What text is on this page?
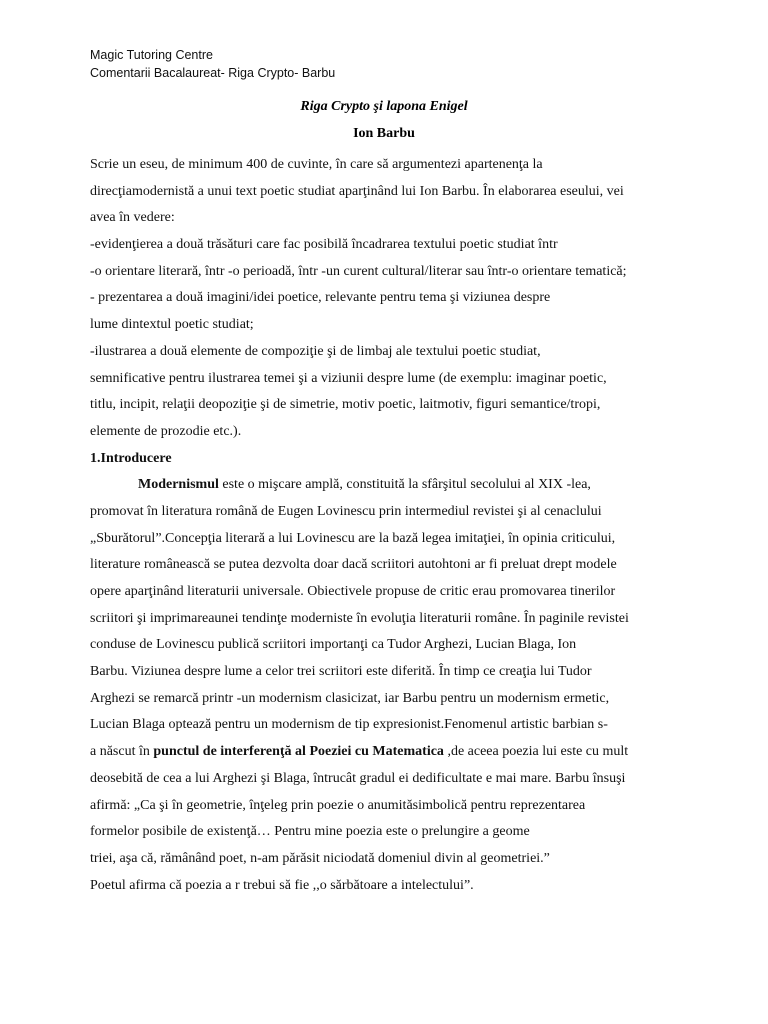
Magic Tutoring Centre
Comentarii Bacalaureat- Riga Crypto- Barbu
Riga Crypto şi lapona Enigel
Ion Barbu
Scrie un eseu, de minimum 400 de cuvinte, în care să argumentezi apartenenţa la
direcţiamodernistă a unui text poetic studiat aparţinând lui Ion Barbu. În elaborarea eseului, vei
avea în vedere:
-evidenţierea a două trăsături care fac posibilă încadrarea textului poetic studiat într
-o orientare literară, într -o perioadă, într -un curent cultural/literar sau într-o orientare tematică;
- prezentarea a două imagini/idei poetice, relevante pentru tema şi viziunea despre
lume dintextul poetic studiat;
-ilustrarea a două elemente de compoziţie şi de limbaj ale textului poetic studiat,
semnificative pentru ilustrarea temei şi a viziunii despre lume (de exemplu: imaginar poetic,
titlu, incipit, relaţii deopoziţie şi de simetrie, motiv poetic, laitmotiv, figuri semantice/tropi,
elemente de prozodie etc.).
1.Introducere
Modernismul este o mişcare amplă, constituită la sfârşitul secolului al XIX -lea,
promovat în literatura română de Eugen Lovinescu prin intermediul revistei şi al cenaclului
„Sburătorul”.Concepţia literară a lui Lovinescu are la bază legea imitaţiei, în opinia criticului,
literature românească se putea dezvolta doar dacă scriitori autohtoni ar fi preluat drept modele
opere aparţinând literaturii universale. Obiectivele propuse de critic erau promovarea tinerilor
scriitori şi imprimareaunei tendinţe moderniste în evoluţia literaturii române. În paginile revistei
conduse de Lovinescu publică scriitori importanţi ca Tudor Arghezi, Lucian Blaga, Ion
Barbu. Viziunea despre lume a celor trei scriitori este diferită. În timp ce creaţia lui Tudor
Arghezi se remarcă printr -un modernism clasicizat, iar Barbu pentru un modernism ermetic,
Lucian Blaga optează pentru un modernism de tip expresionist.Fenomenul artistic barbian s-
a născut în punctul de interferenţă al Poeziei cu Matematica ,de aceea poezia lui este cu mult
deosebită de cea a lui Arghezi şi Blaga, întrucât gradul ei dedificultate e mai mare. Barbu însuşi
afirmă: „Ca şi în geometrie, înţeleg prin poezie o anumităsimbolică pentru reprezentarea
formelor posibile de existenţă… Pentru mine poezia este o prelungire a geome
triei, aşa că, rămânând poet, n-am părăsit niciodată domeniul divin al geometriei.”
Poetul afirma că poezia a r trebui să fie ,,o sărbătoare a intelectului”.
